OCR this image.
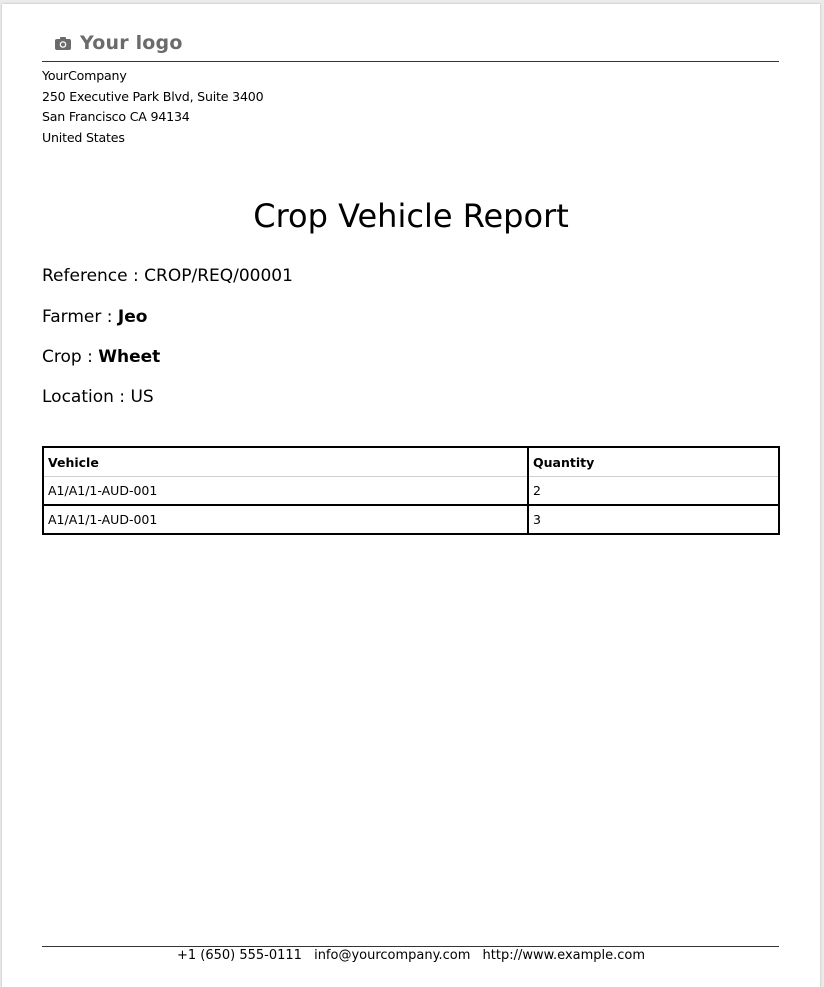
Your logo
YourCompany
250 Executive Park Blvd, Suite 3400
San Francisco CA 94134
United States
Crop Vehicle Report
Reference : CROP/REQ/00001
Farmer : Jeo
Crop : Wheet
Location : US
Vehicle	Quantity
A1/A1/1-AUD-001	2
A1/A1/1-AUD-001	3
+1 (650) 555-0111 info@yourcompany.com http://www.example.com
